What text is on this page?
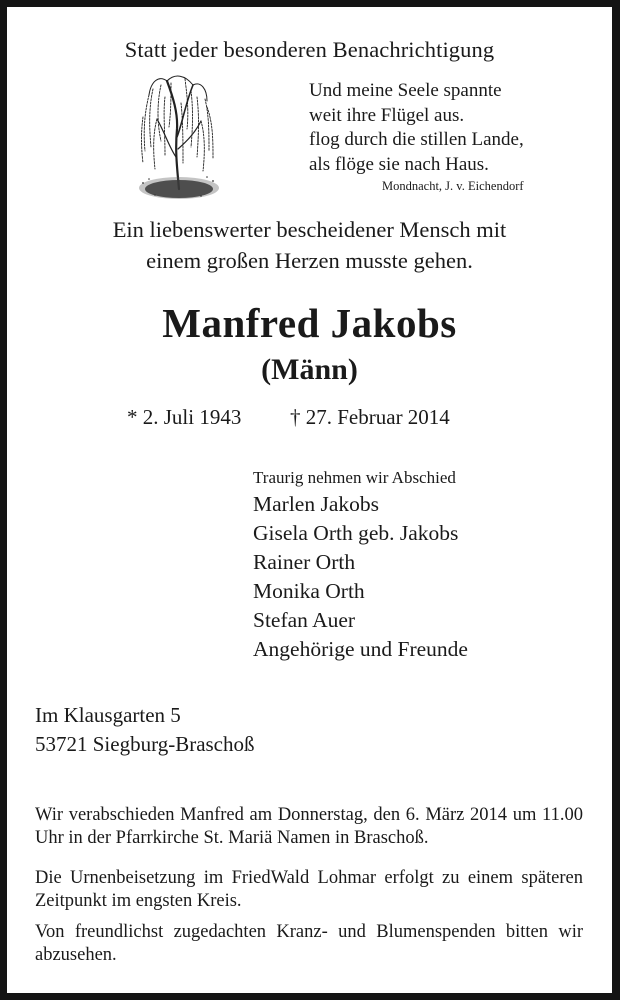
Statt jeder besonderen Benachrichtigung
Und meine Seele spannte
weit ihre Flügel aus.
flog durch die stillen Lande,
als flöge sie nach Haus.
Mondnacht, J. v. Eichendorf
Ein liebenswerter bescheidener Mensch mit
einem großen Herzen musste gehen.
Manfred Jakobs
(Männ)
* 2. Juli 1943 † 27. Februar 2014
Traurig nehmen wir Abschied
Marlen Jakobs
Gisela Orth geb. Jakobs
Rainer Orth
Monika Orth
Stefan Auer
Angehörige und Freunde
Im Klausgarten 5
53721 Siegburg-Braschoß
Wir verabschieden Manfred am Donnerstag, den 6. März 2014 um 11.00 Uhr in der Pfarrkirche St. Mariä Namen in Braschoß.
Die Urnenbeisetzung im FriedWald Lohmar erfolgt zu einem späteren Zeitpunkt im engsten Kreis.
Von freundlichst zugedachten Kranz- und Blumenspenden bitten wir abzusehen.
